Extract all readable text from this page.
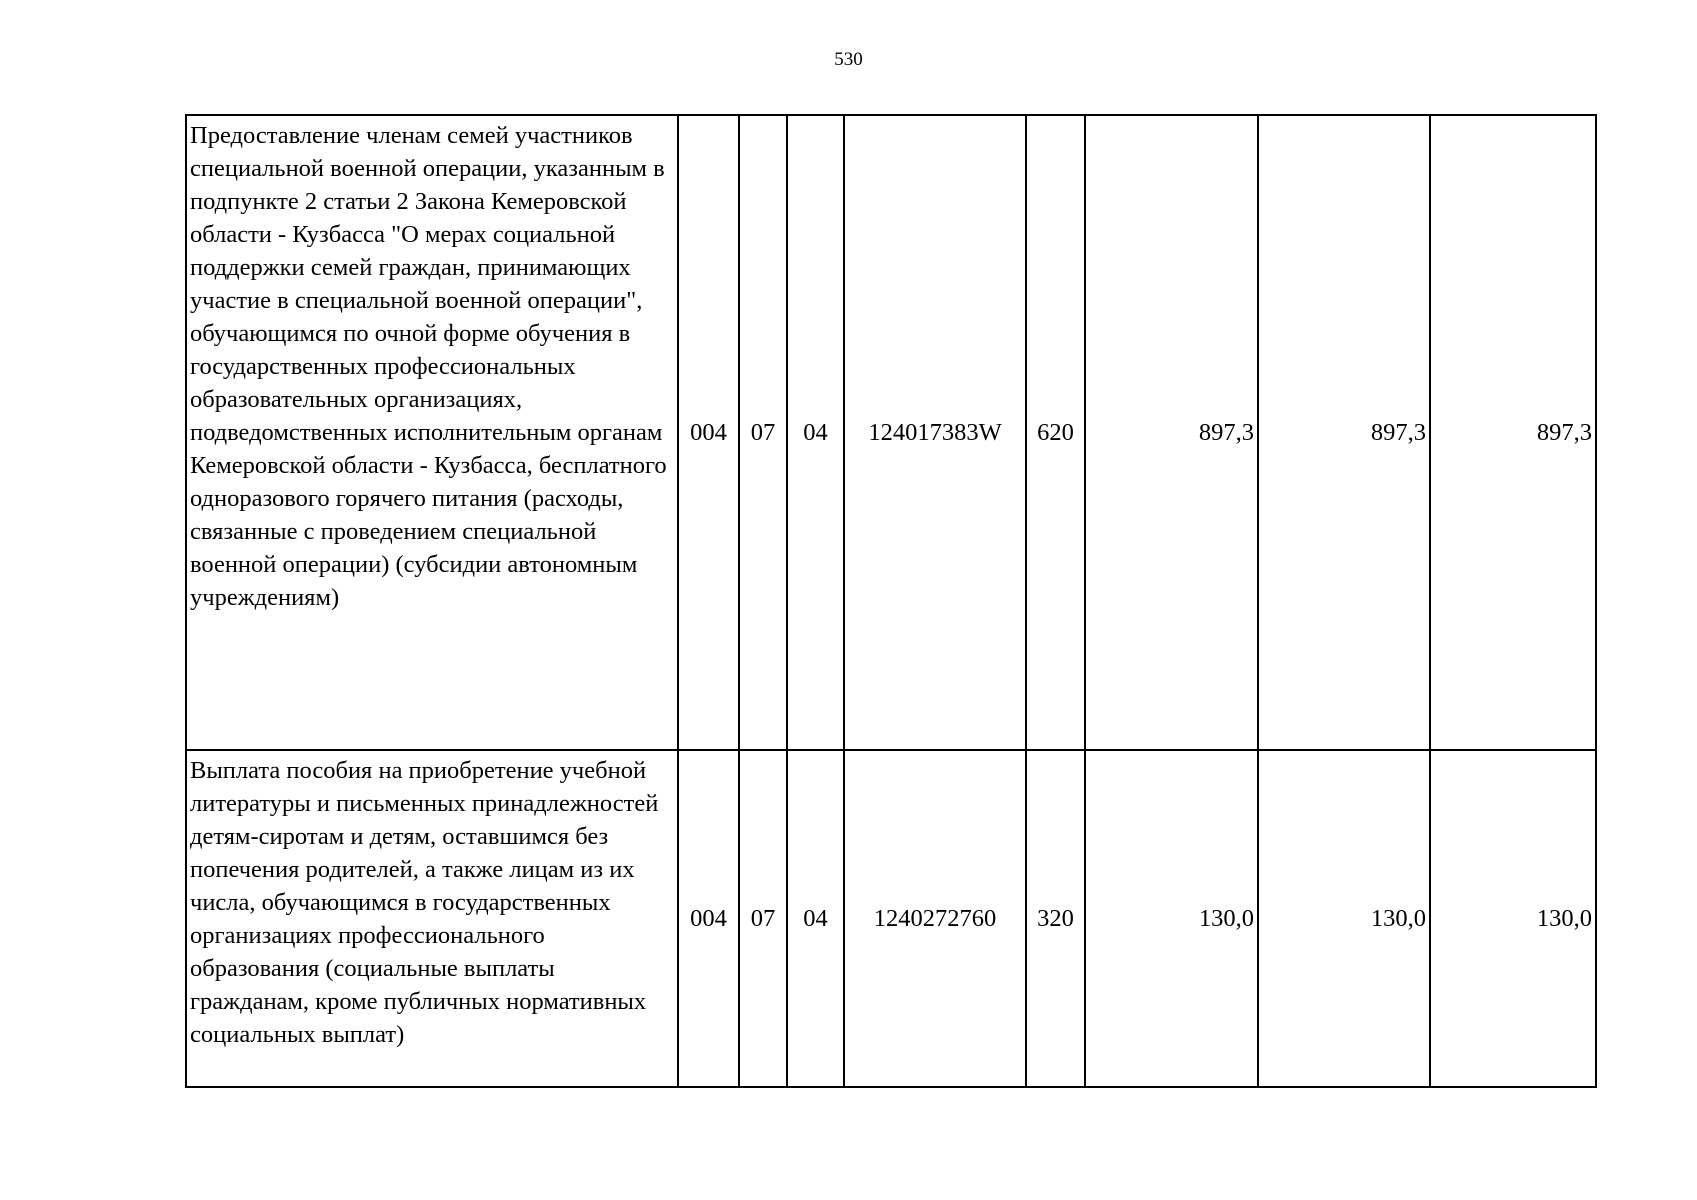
530
Предоставление членам семей участников специальной военной операции, указанным в подпункте 2 статьи 2 Закона Кемеровской области - Кузбасса "О мерах социальной поддержки семей граждан, принимающих участие в специальной военной операции", обучающимся по очной форме обучения в государственных профессиональных образовательных организациях, подведомственных исполнительным органам Кемеровской области - Кузбасса, бесплатного одноразового горячего питания (расходы, связанные с проведением специальной военной операции) (субсидии автономным учреждениям)	004	07	04	124017383W	620	897,3	897,3	897,3
Выплата пособия на приобретение учебной литературы и письменных принадлежностей детям-сиротам и детям, оставшимся без попечения родителей, а также лицам из их числа, обучающимся в государственных организациях профессионального образования (социальные выплаты гражданам, кроме публичных нормативных социальных выплат)	004	07	04	1240272760	320	130,0	130,0	130,0
